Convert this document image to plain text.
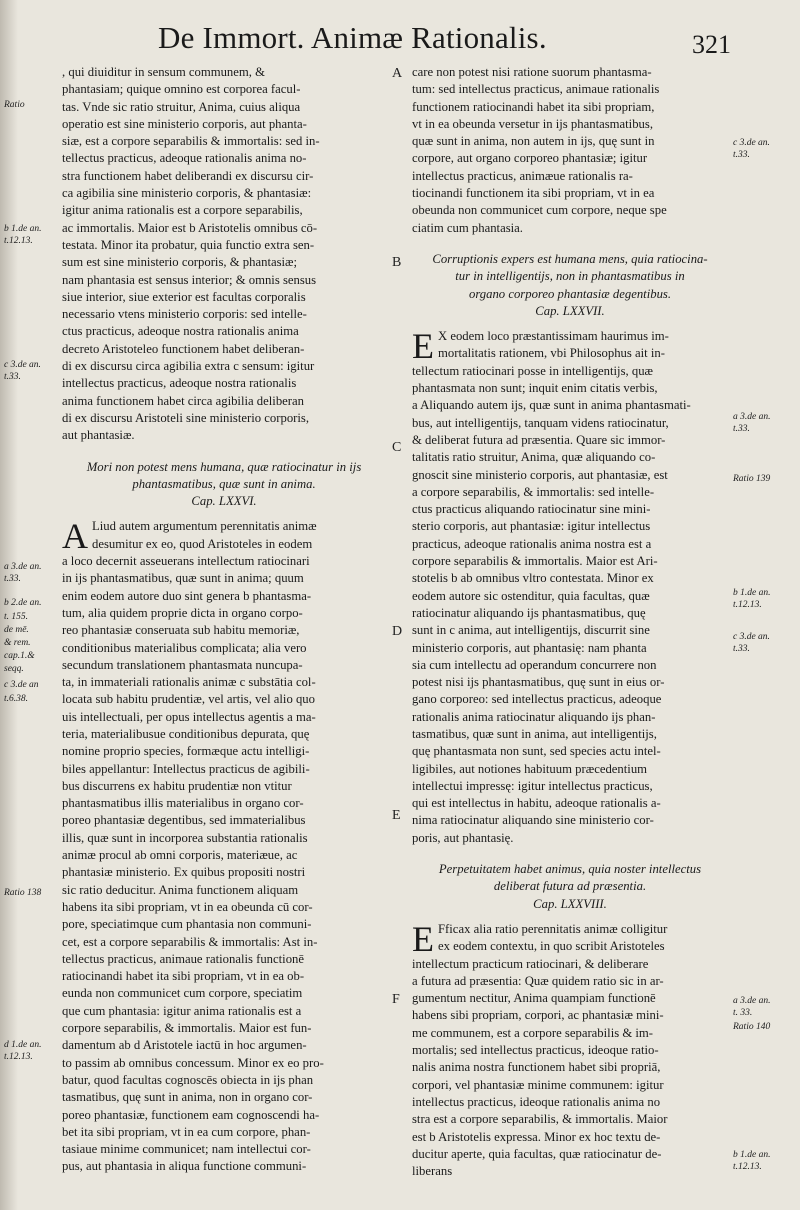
De Immort. Animæ Rationalis.	321

, qui diuiditur in sensum communem, &
phantasiam; quique omnino est corporea facul-
tas. Vnde sic ratio struitur, Anima, cuius aliqua
operatio est sine ministerio corporis, aut phanta-
siæ, est a corpore separabilis & immortalis: sed in-
tellectus practicus, adeoque rationalis anima no-
stra functionem habet deliberandi ex discursu cir-
ca agibilia sine ministerio corporis, & phantasiæ:
igitur anima rationalis est a corpore separabilis,
ac immortalis. Maior est b Aristotelis omnibus cō-
testata. Minor ita probatur, quia functio extra sen-
sum est sine ministerio corporis, & phantasiæ;
nam phantasia est sensus interior; & omnis sensus
siue interior, siue exterior est facultas corporalis
necessario vtens ministerio corporis: sed intelle-
ctus practicus, adeoque nostra rationalis anima
decreto Aristoteleo functionem habet deliberan-
di ex discursu circa agibilia extra c sensum: igitur
intellectus practicus, adeoque nostra rationalis
anima functionem habet circa agibilia deliberan
di ex discursu Aristoteli sine ministerio corporis,
aut phantasiæ.

Mori non potest mens humana, quæ ratiocinatur in ijs
phantasmatibus, quæ sunt in anima.

Cap. LXXVI.

A Liud autem argumentum perennitatis animæ
desumitur ex eo, quod Aristoteles in eodem
a loco decernit asseuerans intellectum ratiocinari
in ijs phantasmatibus, quæ sunt in anima; quum
enim eodem autore duo sint genera b phantasma-
tum, alia quidem proprie dicta in organo corpo-
reo phantasiæ conseruata sub habitu memoriæ,
conditionibus materialibus complicata; alia vero
secundum translationem phantasmata nuncupa-
ta, in immateriali rationalis animæ c substātia col-
locata sub habitu prudentiæ, vel artis, vel alio quo
uis intellectuali, per opus intellectus agentis a ma-
teria, materialibusue conditionibus depurata, quę
nomine proprio species, formæque actu intelligi-
biles appellantur: Intellectus practicus de agibili-
bus discurrens ex habitu prudentiæ non vtitur
phantasmatibus illis materialibus in organo cor-
poreo phantasiæ degentibus, sed immaterialibus
illis, quæ sunt in incorporea substantia rationalis
animæ procul ab omni corporis, materiæue, ac
phantasiæ ministerio. Ex quibus propositi nostri
sic ratio deducitur. Anima functionem aliquam
habens ita sibi propriam, vt in ea obeunda cū cor-
pore, speciatimque cum phantasia non communi-
cet, est a corpore separabilis & immortalis: Ast in-
tellectus practicus, animaue rationalis functionē
ratiocinandi habet ita sibi propriam, vt in ea ob-
eunda non communicet cum corpore, speciatim
que cum phantasia: igitur anima rationalis est a
corpore separabilis, & immortalis. Maior est fun-
damentum ab d Aristotele iactū in hoc argumen-
to passim ab omnibus concessum. Minor ex eo pro-
batur, quod facultas cognoscēs obiecta in ijs phan
tasmatibus, quę sunt in anima, non in organo cor-
poreo phantasiæ, functionem eam cognoscendi ha-
bet ita sibi propriam, vt in ea cum corpore, phan-
tasiaue minime communicet; nam intellectui cor-
pus, aut phantasia in aliqua functione communi-

care non potest nisi ratione suorum phantasma-
tum: sed intellectus practicus, animaue rationalis
functionem ratiocinandi habet ita sibi propriam,
vt in ea obeunda versetur in ijs phantasmatibus,
quæ sunt in anima, non autem in ijs, quę sunt in
corpore, aut organo corporeo phantasiæ; igitur
intellectus practicus, animæue rationalis ra-
tiocinandi functionem ita sibi propriam, vt in ea
obeunda non communicet cum corpore, neque spe
ciatim cum phantasia.

Corruptionis expers est humana mens, quia ratiocina-
tur in intelligentijs, non in phantasmatibus in
organo corporeo phantasiæ degentibus.

Cap. LXXVII.

E X eodem loco præstantissimam haurimus im-
mortalitatis rationem, vbi Philosophus ait in-
tellectum ratiocinari posse in intelligentijs, quæ
phantasmata non sunt; inquit enim citatis verbis,
a Aliquando autem ijs, quæ sunt in anima phantasmati-
bus, aut intelligentijs, tanquam videns ratiocinatur,
& deliberat futura ad præsentia. Quare sic immor-
talitatis ratio struitur, Anima, quæ aliquando co-
gnoscit sine ministerio corporis, aut phantasiæ, est
a corpore separabilis, & immortalis: sed intelle-
ctus practicus aliquando ratiocinatur sine mini-
sterio corporis, aut phantasiæ: igitur intellectus
practicus, adeoque rationalis anima nostra est a
corpore separabilis & immortalis. Maior est Ari-
stotelis b ab omnibus vltro contestata. Minor ex
eodem autore sic ostenditur, quia facultas, quæ
ratiocinatur aliquando ijs phantasmatibus, quę
sunt in c anima, aut intelligentijs, discurrit sine
ministerio corporis, aut phantasię: nam phanta
sia cum intellectu ad operandum concurrere non
potest nisi ijs phantasmatibus, quę sunt in eius or-
gano corporeo: sed intellectus practicus, adeoque
rationalis anima ratiocinatur aliquando ijs phan-
tasmatibus, quæ sunt in anima, aut intelligentijs,
quę phantasmata non sunt, sed species actu intel-
ligibiles, aut notiones habituum præcedentium
intellectui impressę: igitur intellectus practicus,
qui est intellectus in habitu, adeoque rationalis a-
nima ratiocinatur aliquando sine ministerio cor-
poris, aut phantasię.

Perpetuitatem habet animus, quia noster intellectus
deliberat futura ad præsentia.

Cap. LXXVIII.

E Fficax alia ratio perennitatis animæ colligitur
ex eodem contextu, in quo scribit Aristoteles
intellectum practicum ratiocinari, & deliberare
a futura ad præsentia: Quæ quidem ratio sic in ar-
gumentum nectitur, Anima quampiam functionē
habens sibi propriam, corpori, ac phantasiæ mini-
me communem, est a corpore separabilis & im-
mortalis; sed intellectus practicus, ideoque ratio-
nalis anima nostra functionem habet sibi propriā,
corpori, vel phantasiæ minime communem: igitur
intellectus practicus, ideoque rationalis anima no
stra est a corpore separabilis, & immortalis. Maior
est b Aristotelis expressa. Minor ex hoc textu de-
ducitur aperte, quia facultas, quæ ratiocinatur de-
liberans

A
B
C
D
E
F
Ratio
b 1.de an.
t.12.13.
c 3.de an.
t.33.
a 3.de an.
t.33.
b 2.de an.
t. 155.
de mē.
& rem.
cap.1.&
seqq.
c 3.de an
t.6.38.
Ratio 138
d 1.de an.
t.12.13.
c 3.de an.
t.33.
a 3.de an.
t.33.
Ratio 139
b 1.de an.
t.12.13.
c 3.de an.
t.33.
a 3.de an.
t. 33.
Ratio 140
b 1.de an.
t.12.13.
